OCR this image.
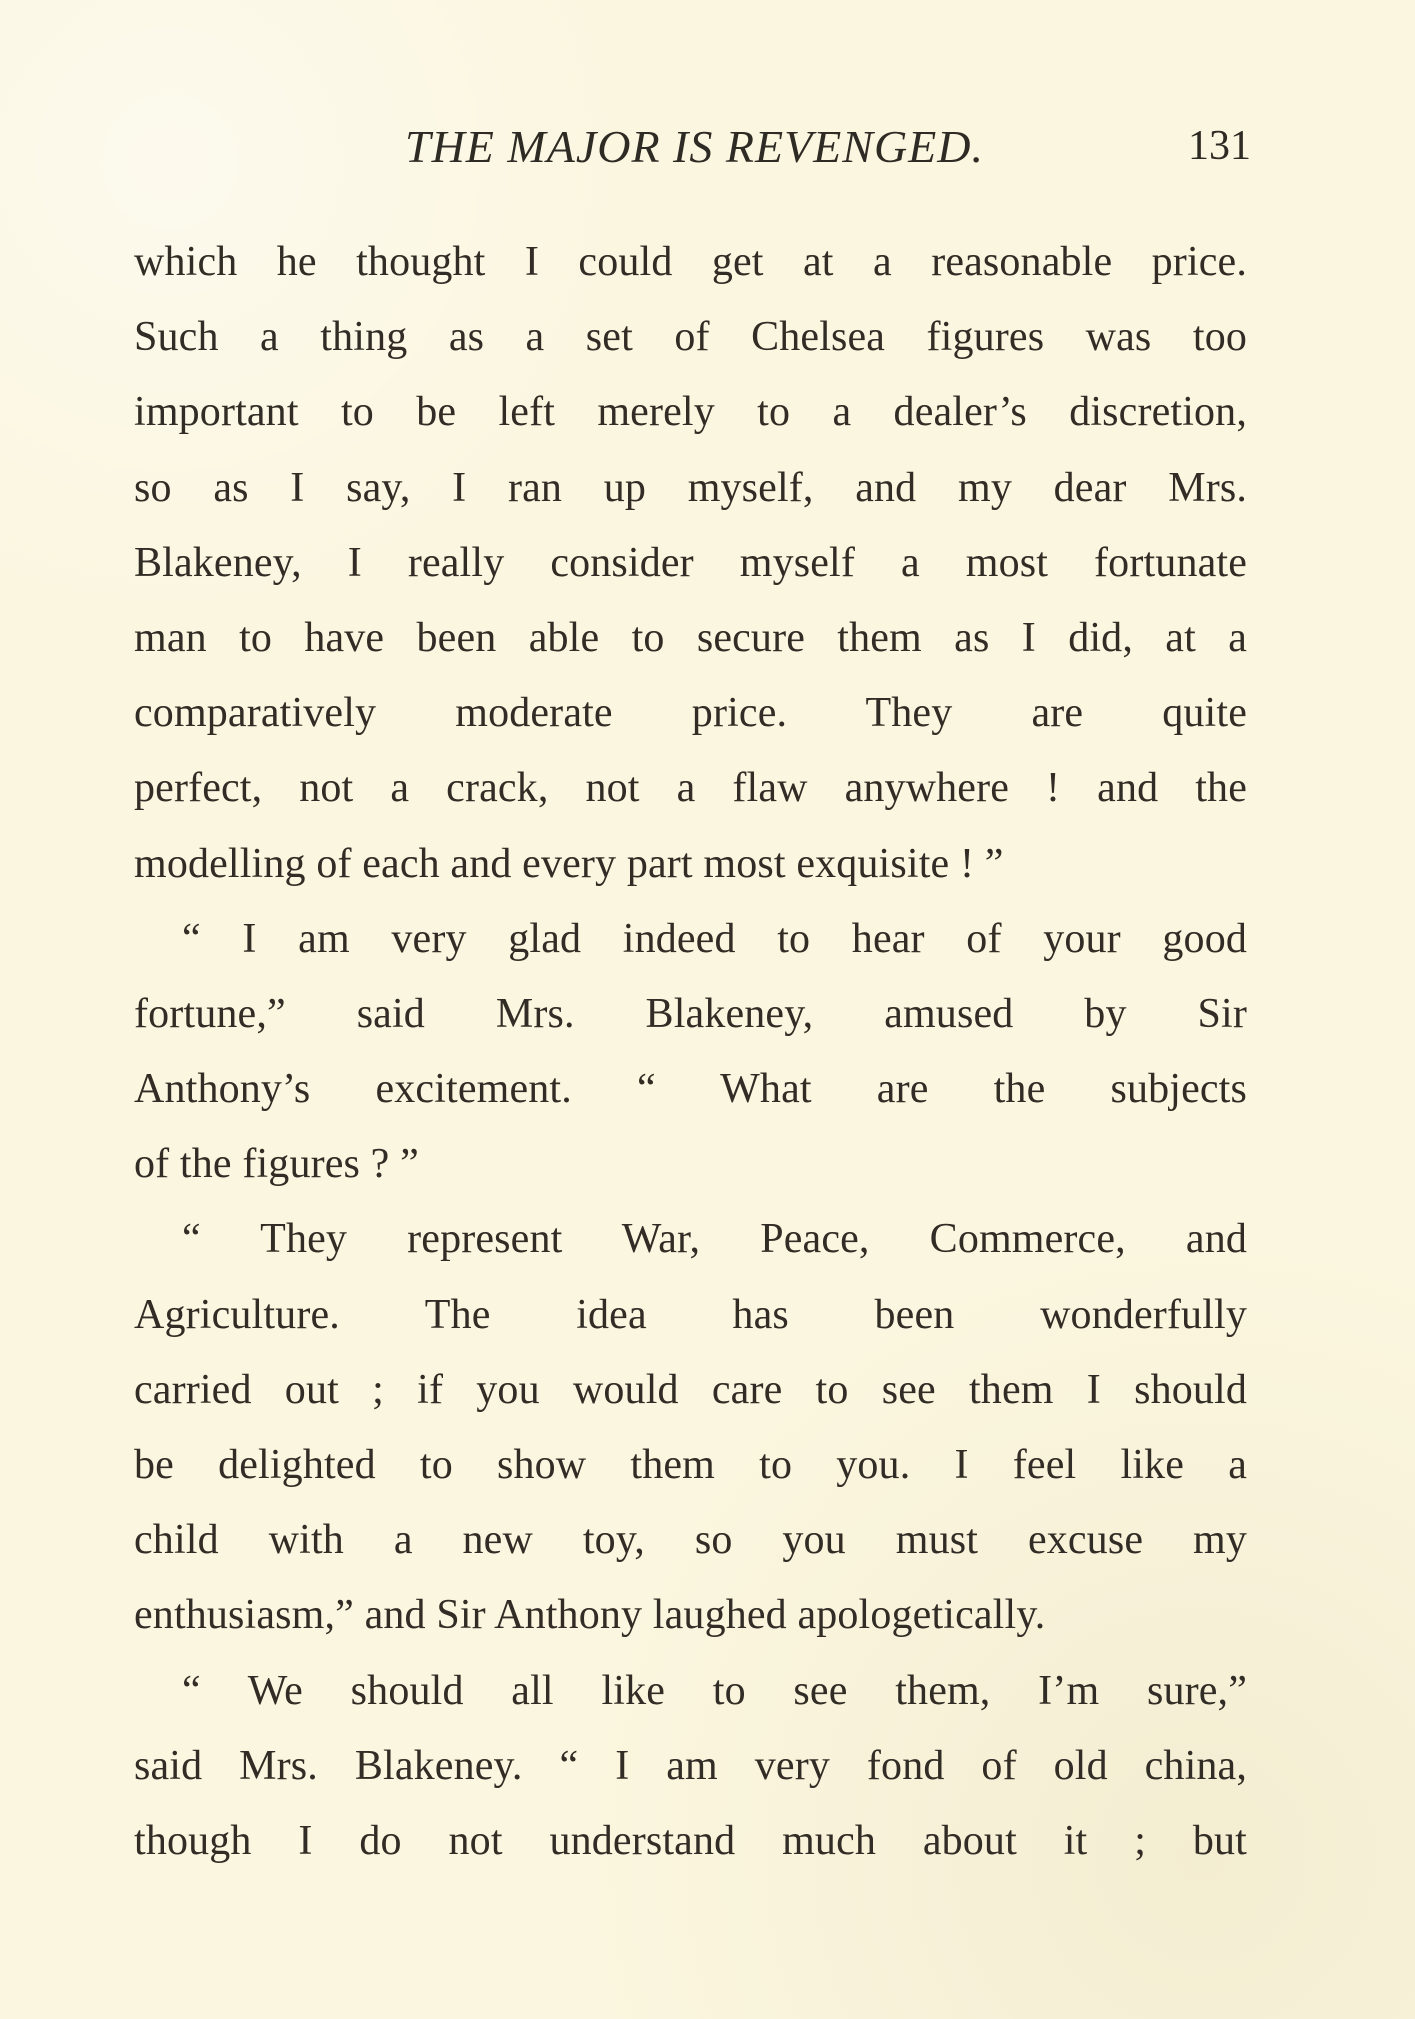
THE MAJOR IS REVENGED.	131
which he thought I could get at a reasonable price.
Such a thing as a set of Chelsea figures was too
important to be left merely to a dealer’s discretion,
so as I say, I ran up myself, and my dear Mrs.
Blakeney, I really consider myself a most fortunate
man to have been able to secure them as I did, at a
comparatively moderate price. They are quite
perfect, not a crack, not a flaw anywhere ! and the
modelling of each and every part most exquisite ! ”
“ I am very glad indeed to hear of your good
fortune,” said Mrs. Blakeney, amused by Sir
Anthony’s excitement. “ What are the subjects
of the figures ? ”
“ They represent War, Peace, Commerce, and
Agriculture. The idea has been wonderfully
carried out ; if you would care to see them I should
be delighted to show them to you. I feel like a
child with a new toy, so you must excuse my
enthusiasm,” and Sir Anthony laughed apologetically.
“ We should all like to see them, I’m sure,”
said Mrs. Blakeney. “ I am very fond of old china,
though I do not understand much about it ; but
